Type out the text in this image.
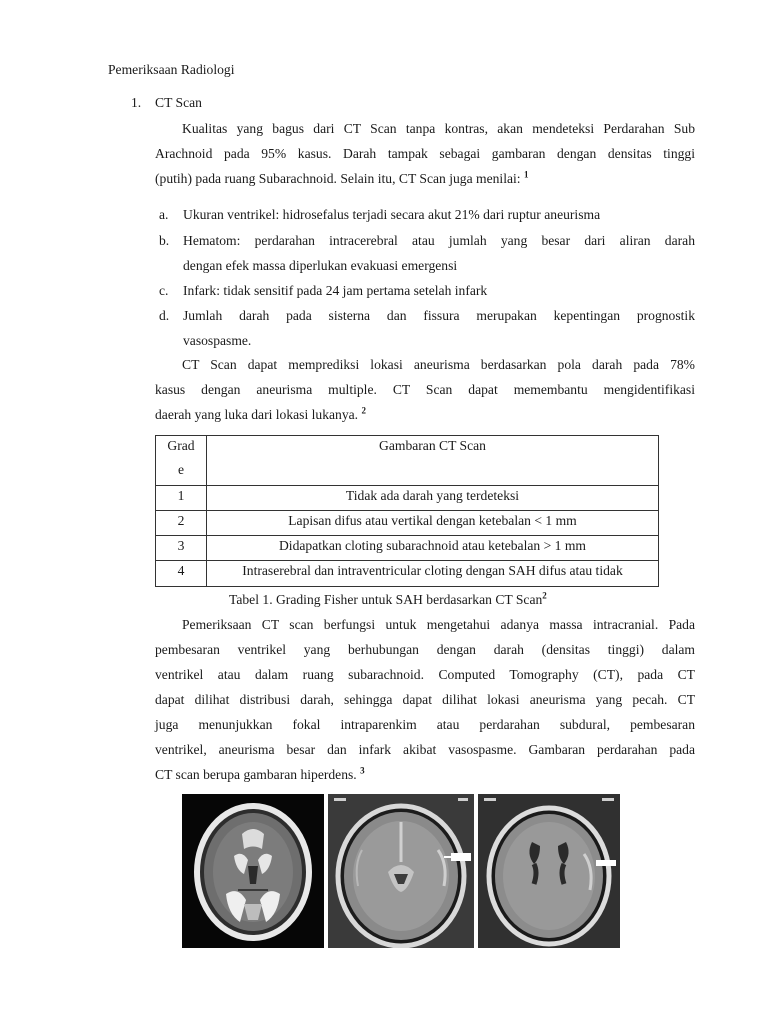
Pemeriksaan Radiologi
1. CT Scan
Kualitas yang bagus dari CT Scan tanpa kontras, akan mendeteksi Perdarahan Sub
Arachnoid pada 95% kasus. Darah tampak sebagai gambaran dengan densitas tinggi
(putih) pada ruang Subarachnoid. Selain itu, CT Scan juga menilai: $^1$
a. Ukuran ventrikel: hidrosefalus terjadi secara akut 21% dari ruptur aneurisma
b. Hematom: perdarahan intracerebral atau jumlah yang besar dari aliran darah
dengan efek massa diperlukan evakuasi emergensi
c. Infark: tidak sensitif pada 24 jam pertama setelah infark
d. Jumlah darah pada sisterna dan fissura merupakan kepentingan prognostik
vasospasme.
CT Scan dapat memprediksi lokasi aneurisma berdasarkan pola darah pada 78%
kasus dengan aneurisma multiple. CT Scan dapat memembantu mengidentifikasi
daerah yang luka dari lokasi lukanya. $^2$
Grad
e	Gambaran CT Scan

1	Tidak ada darah yang terdeteksi

2	Lapisan difus atau vertikal dengan ketebalan < 1 mm

3	Didapatkan cloting subarachnoid atau ketebalan > 1 mm

4	Intraserebral dan intraventricular cloting dengan SAH difus atau tidak
Tabel 1. Grading Fisher untuk SAH berdasarkan CT Scan$^2$
Pemeriksaan CT scan berfungsi untuk mengetahui adanya massa intracranial. Pada
pembesaran ventrikel yang berhubungan dengan darah (densitas tinggi) dalam
ventrikel atau dalam ruang subarachnoid. Computed Tomography (CT), pada CT
dapat dilihat distribusi darah, sehingga dapat dilihat lokasi aneurisma yang pecah. CT
juga menunjukkan fokal intraparenkim atau perdarahan subdural, pembesaran
ventrikel, aneurisma besar dan infark akibat vasospasme. Gambaran perdarahan pada
CT scan berupa gambaran hiperdens. $^3$
